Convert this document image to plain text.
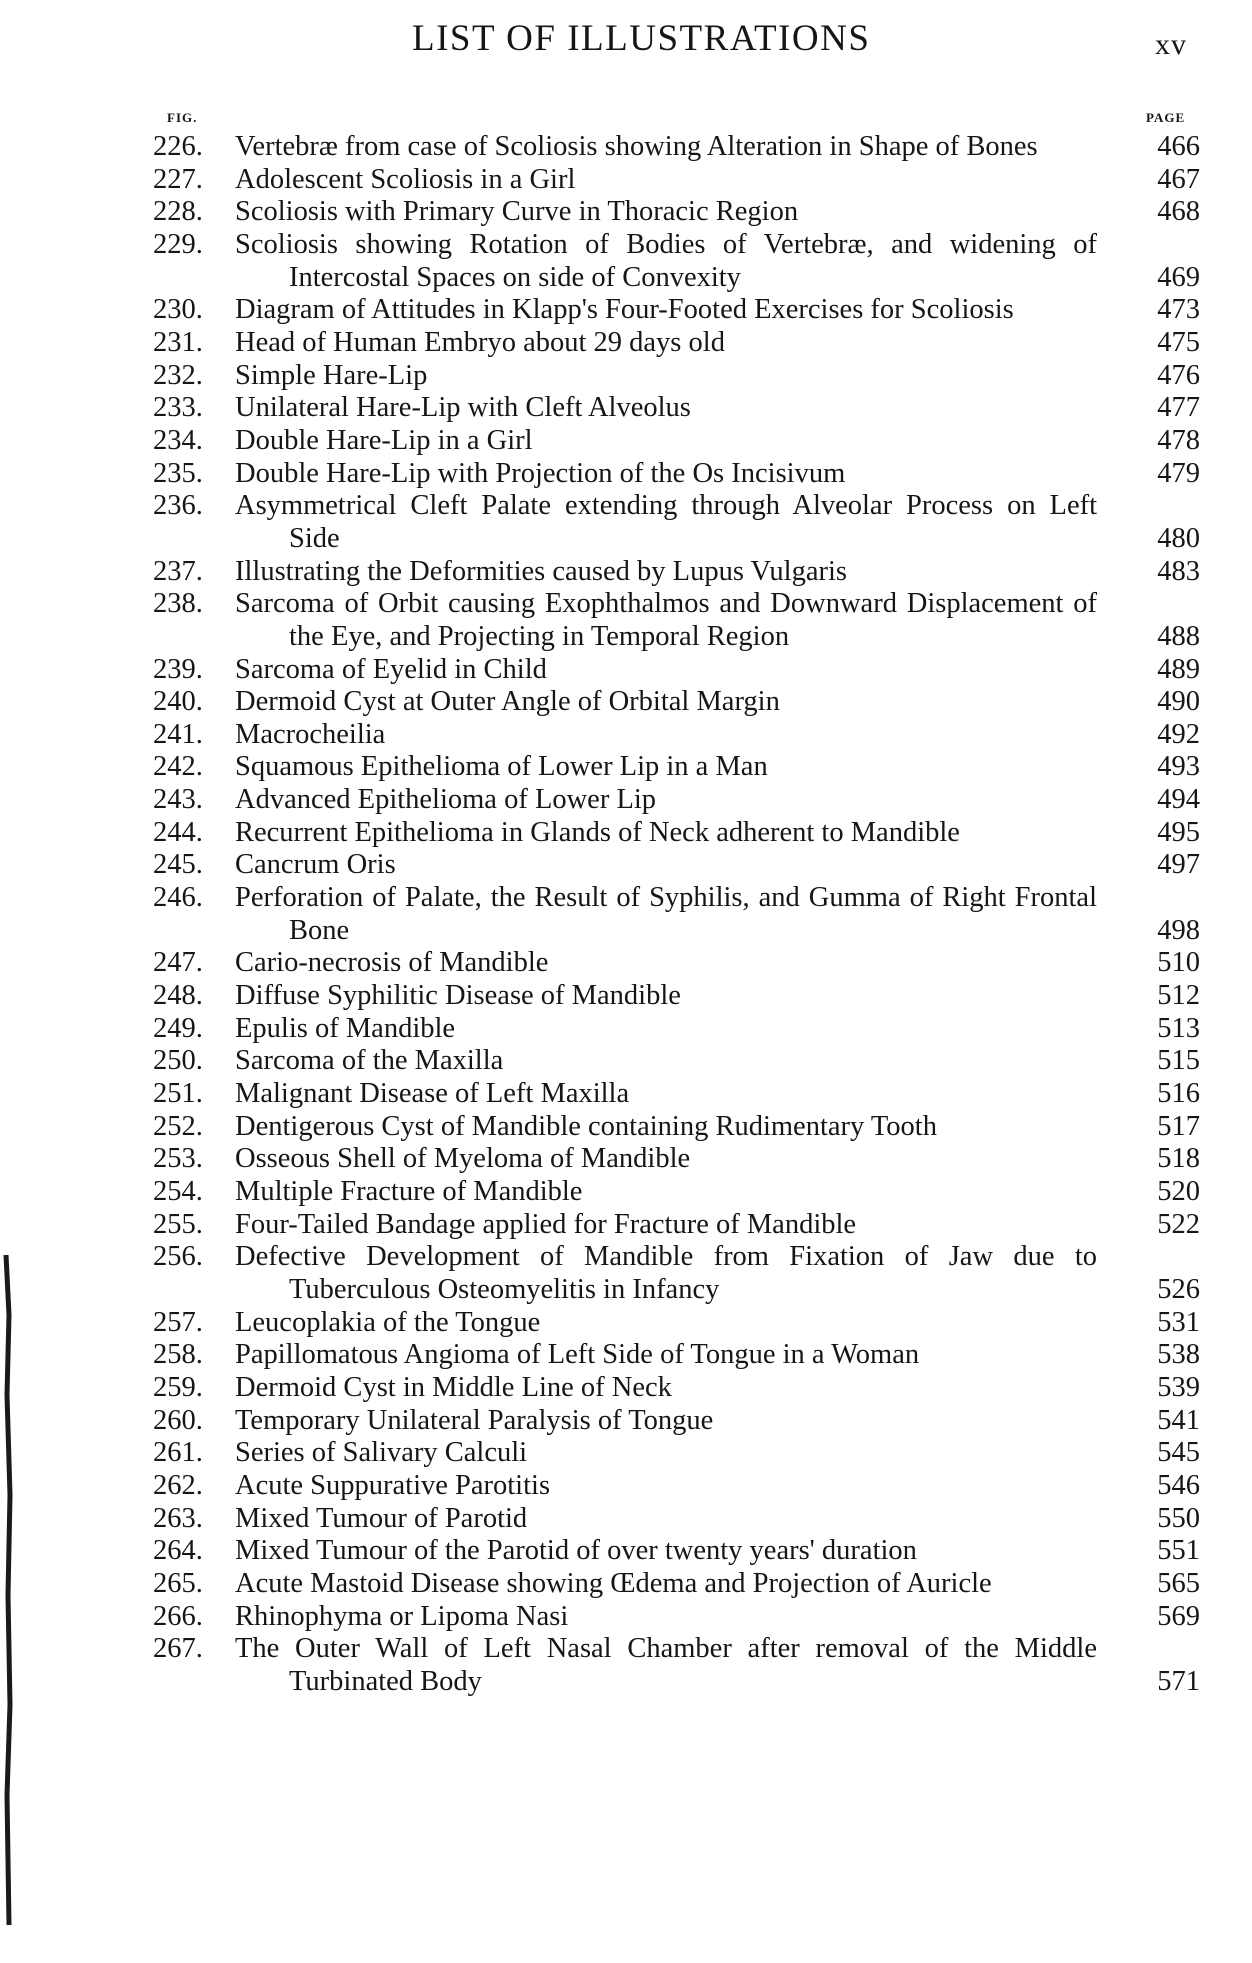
LIST OF ILLUSTRATIONS	xv
FIG.	PAGE
226.	Vertebræ from case of Scoliosis showing Alteration in Shape of Bones	466
227.	Adolescent Scoliosis in a Girl	467
228.	Scoliosis with Primary Curve in Thoracic Region	468
229.	Scoliosis showing Rotation of Bodies of Vertebræ, and widening of Intercostal Spaces on side of Convexity	469
230.	Diagram of Attitudes in Klapp's Four-Footed Exercises for Scoliosis	473
231.	Head of Human Embryo about 29 days old	475
232.	Simple Hare-Lip	476
233.	Unilateral Hare-Lip with Cleft Alveolus	477
234.	Double Hare-Lip in a Girl	478
235.	Double Hare-Lip with Projection of the Os Incisivum	479
236.	Asymmetrical Cleft Palate extending through Alveolar Process on Left Side	480
237.	Illustrating the Deformities caused by Lupus Vulgaris	483
238.	Sarcoma of Orbit causing Exophthalmos and Downward Displacement of the Eye, and Projecting in Temporal Region	488
239.	Sarcoma of Eyelid in Child	489
240.	Dermoid Cyst at Outer Angle of Orbital Margin	490
241.	Macrocheilia	492
242.	Squamous Epithelioma of Lower Lip in a Man	493
243.	Advanced Epithelioma of Lower Lip	494
244.	Recurrent Epithelioma in Glands of Neck adherent to Mandible	495
245.	Cancrum Oris	497
246.	Perforation of Palate, the Result of Syphilis, and Gumma of Right Frontal Bone	498
247.	Cario-necrosis of Mandible	510
248.	Diffuse Syphilitic Disease of Mandible	512
249.	Epulis of Mandible	513
250.	Sarcoma of the Maxilla	515
251.	Malignant Disease of Left Maxilla	516
252.	Dentigerous Cyst of Mandible containing Rudimentary Tooth	517
253.	Osseous Shell of Myeloma of Mandible	518
254.	Multiple Fracture of Mandible	520
255.	Four-Tailed Bandage applied for Fracture of Mandible	522
256.	Defective Development of Mandible from Fixation of Jaw due to Tuberculous Osteomyelitis in Infancy	526
257.	Leucoplakia of the Tongue	531
258.	Papillomatous Angioma of Left Side of Tongue in a Woman	538
259.	Dermoid Cyst in Middle Line of Neck	539
260.	Temporary Unilateral Paralysis of Tongue	541
261.	Series of Salivary Calculi	545
262.	Acute Suppurative Parotitis	546
263.	Mixed Tumour of Parotid	550
264.	Mixed Tumour of the Parotid of over twenty years' duration	551
265.	Acute Mastoid Disease showing Œdema and Projection of Auricle	565
266.	Rhinophyma or Lipoma Nasi	569
267.	The Outer Wall of Left Nasal Chamber after removal of the Middle Turbinated Body	571
